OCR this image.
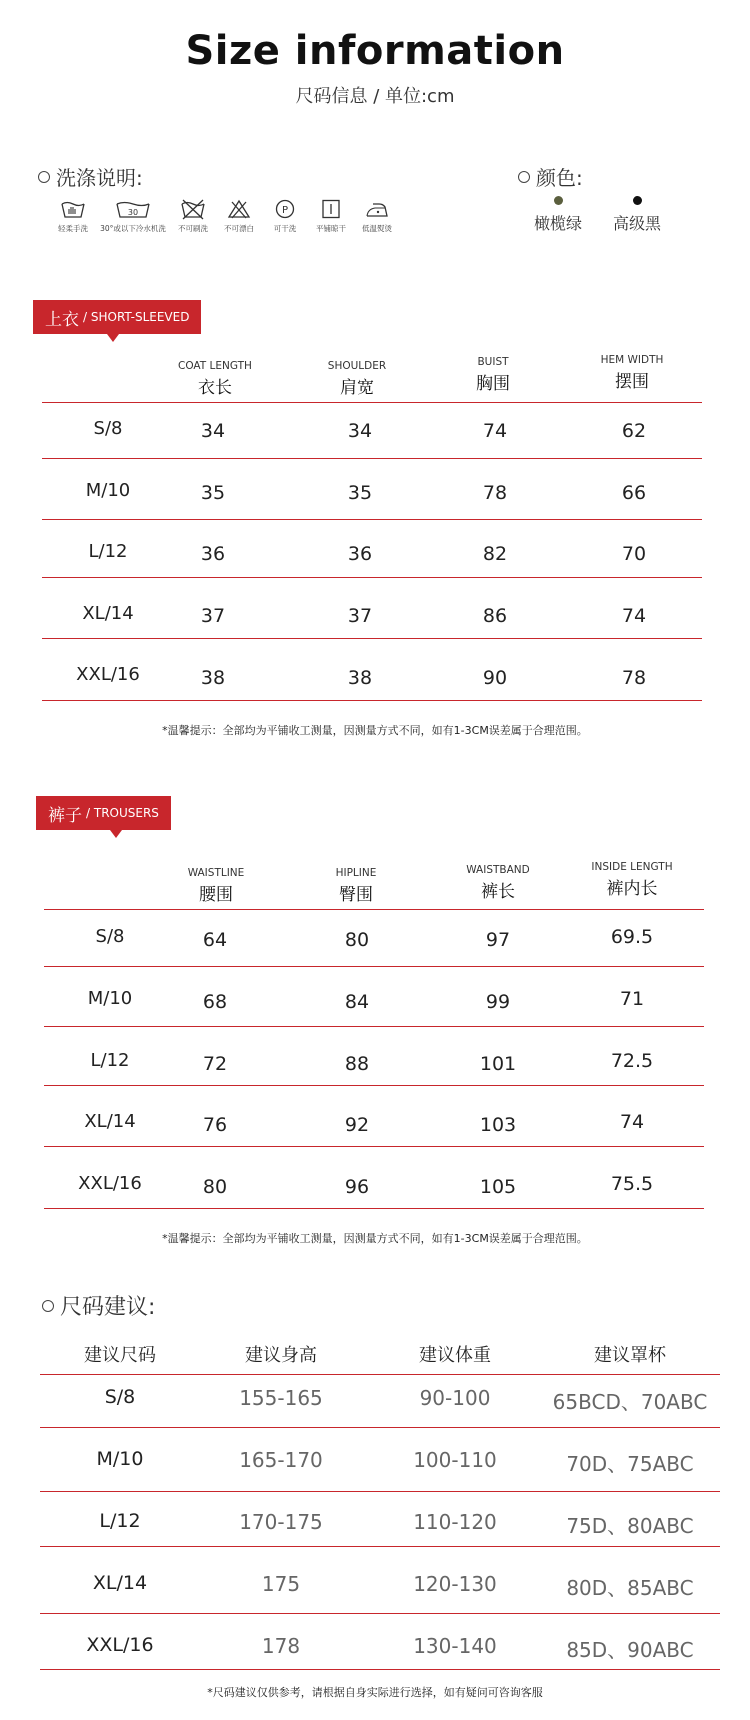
Size information
尺码信息 / 单位:cm
洗涤说明:
轻柔手洗
30
30°或以下冷水机洗 不可刷洗 不可漂白
P
可干洗	平铺晾干 低温熨烫
颜色:
橄榄绿 高级黑
上衣 / SHORT-SLEEVED
COAT LENGTH
衣长
SHOULDER
肩宽
BUIST
胸围
HEM WIDTH
摆围
S/8	34	34	74	62
M/10	35	35	78	66
L/12	36	36	82	70
XL/14	37	37	86	74
XXL/16	38	38	90	78
*温馨提示：全部均为平铺收工测量，因测量方式不同，如有1-3CM误差属于合理范围。
裤子 / TROUSERS
WAISTLINE
腰围
HIPLINE
臀围
WAISTBAND
裤长
INSIDE LENGTH
裤内长
S/8	64	80	97	69.5
M/10	68	84	99	71
L/12	72	88	101	72.5
XL/14	76	92	103	74
XXL/16	80	96	105	75.5
*温馨提示：全部均为平铺收工测量，因测量方式不同，如有1-3CM误差属于合理范围。
尺码建议:
建议尺码	建议身高	建议体重	建议罩杯
S/8	155-165	90-100	65BCD、70ABC
M/10	165-170	100-110	70D、75ABC
L/12	170-175	110-120	75D、80ABC
XL/14	175	120-130	80D、85ABC
XXL/16	178	130-140	85D、90ABC
*尺码建议仅供参考，请根据自身实际进行选择，如有疑问可咨询客服
